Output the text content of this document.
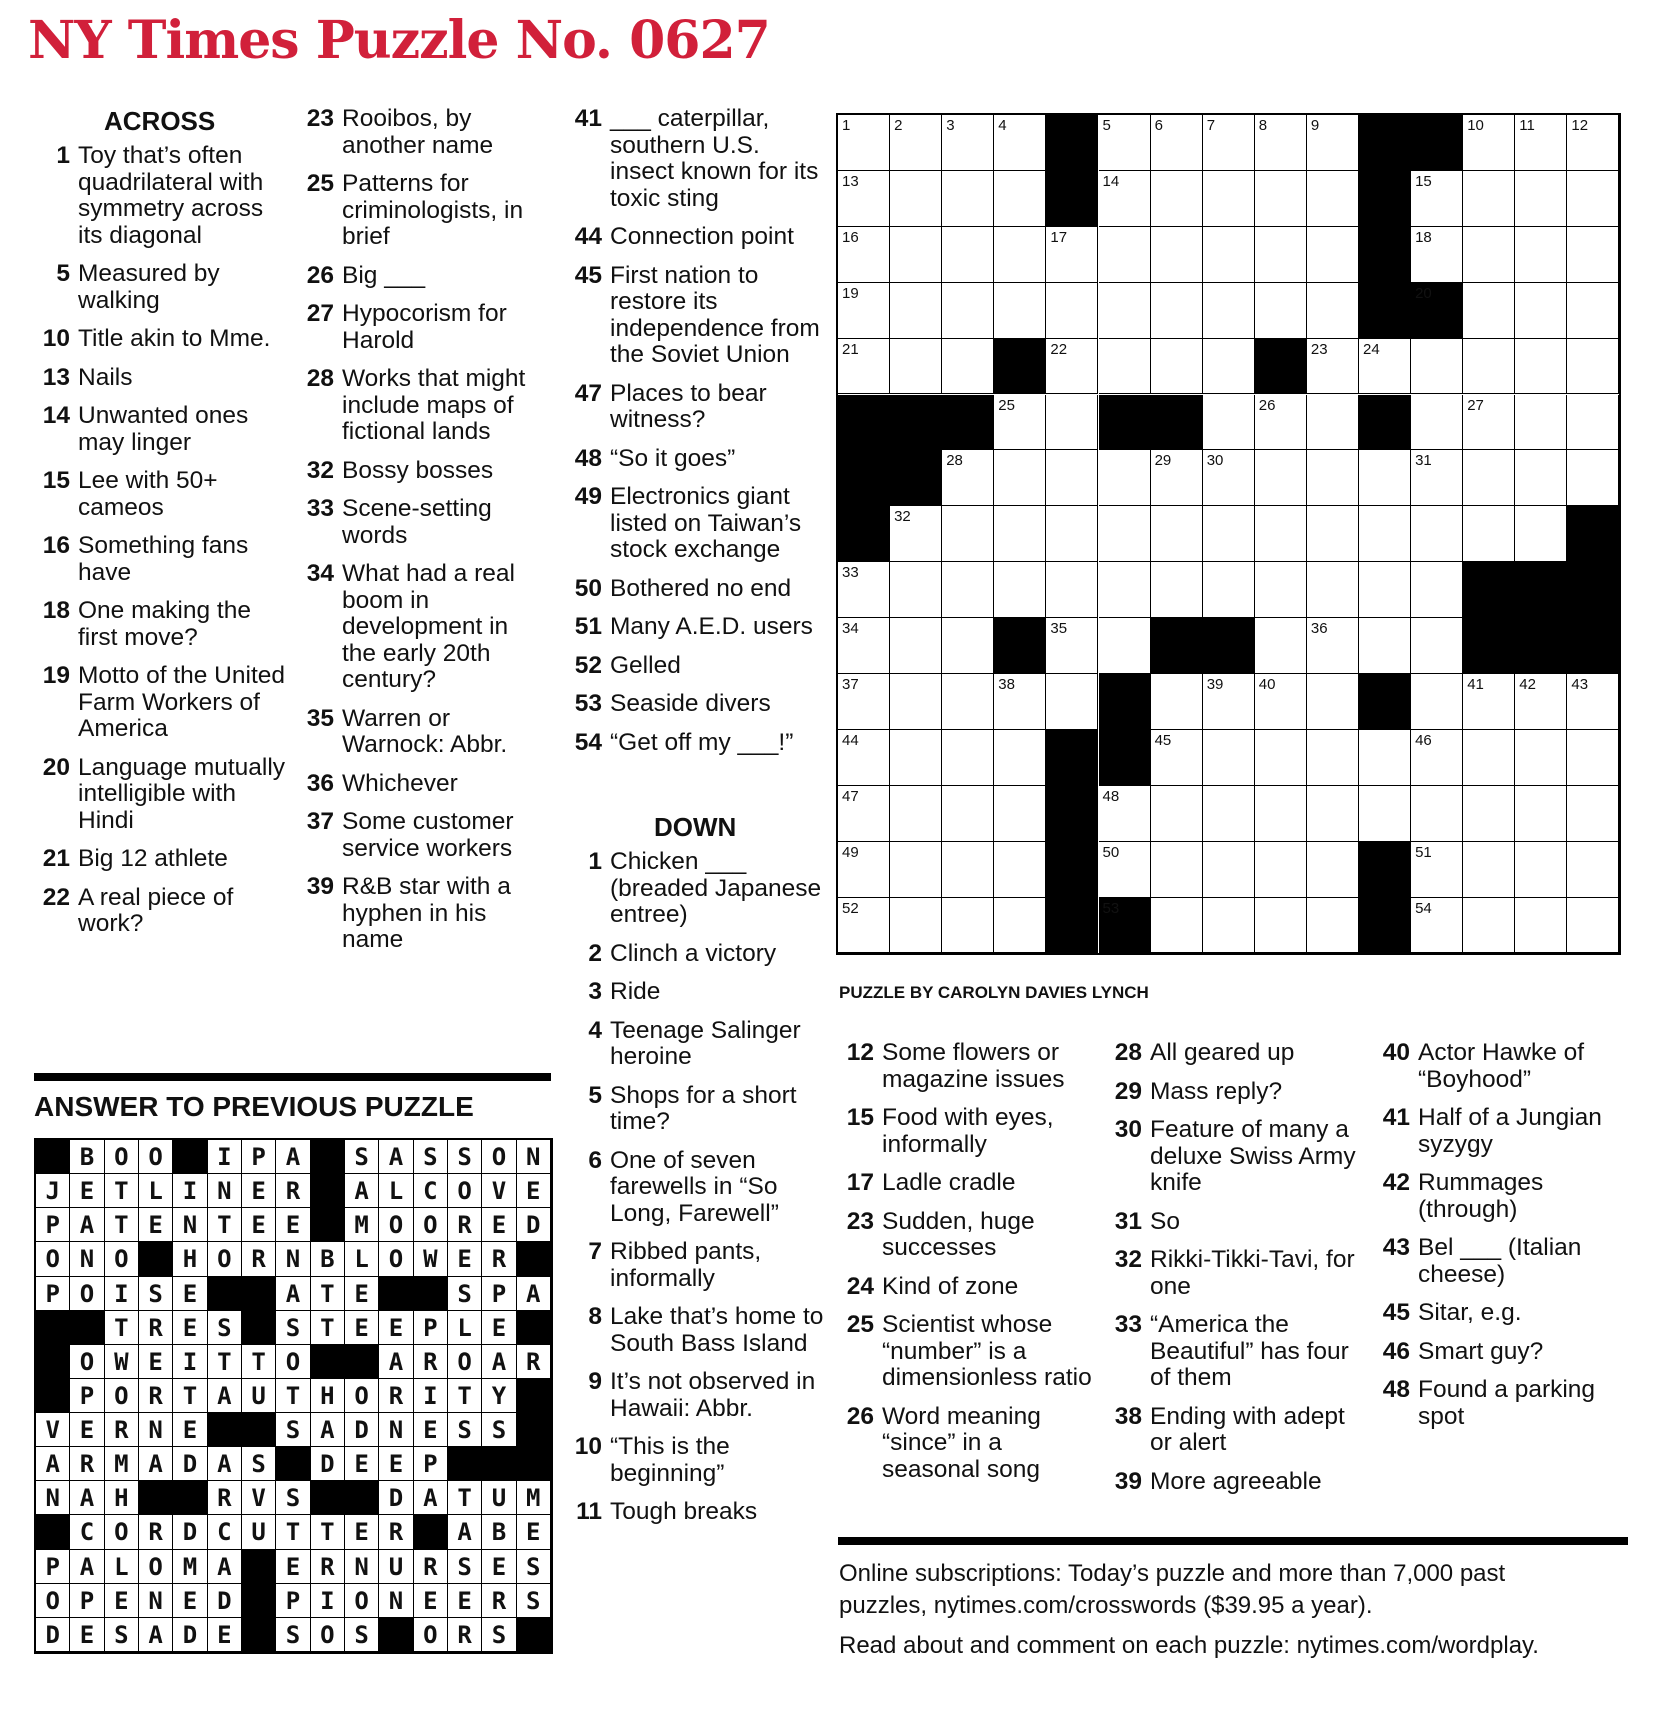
NY Times Puzzle No. 0627
ACROSS
1 Toy that’s often quadrilateral with symmetry across its diagonal
5 Measured by walking
10 Title akin to Mme.
13 Nails
14 Unwanted ones may linger
15 Lee with 50+ cameos
16 Something fans have
18 One making the first move?
19 Motto of the United Farm Workers of America
20 Language mutually intelligible with Hindi
21 Big 12 athlete
22 A real piece of work?
23 Rooibos, by another name
25 Patterns for criminologists, in brief
26 Big ___
27 Hypocorism for Harold
28 Works that might include maps of fictional lands
32 Bossy bosses
33 Scene-setting words
34 What had a real boom in development in the early 20th century?
35 Warren or Warnock: Abbr.
36 Whichever
37 Some customer service workers
39 R&B star with a hyphen in his name
41 ___ caterpillar, southern U.S. insect known for its toxic sting
44 Connection point
45 First nation to restore its independence from the Soviet Union
47 Places to bear witness?
48 “So it goes”
49 Electronics giant listed on Taiwan’s stock exchange
50 Bothered no end
51 Many A.E.D. users
52 Gelled
53 Seaside divers
54 “Get off my ___!”
DOWN
1 Chicken ___ (breaded Japanese entree)
2 Clinch a victory
3 Ride
4 Teenage Salinger heroine
5 Shops for a short time?
6 One of seven farewells in “So Long, Farewell”
7 Ribbed pants, informally
8 Lake that’s home to South Bass Island
9 It’s not observed in Hawaii: Abbr.
10 “This is the beginning”
11 Tough breaks
1	2	3	4	5	6	7	8	9	10 11 12
13	14	15
16	17	18
19	20
21	22	23 24
25	26	27
28	29 30	31
32
33
34	35	36
37	38	39 40	41 42 43
44	45	46
47	48
49	50	51
52	53	54
PUZZLE BY CAROLYN DAVIES LYNCH
12 Some flowers or magazine issues
15 Food with eyes, informally
17 Ladle cradle
23 Sudden, huge successes
24 Kind of zone
25 Scientist whose “number” is a dimensionless ratio
26 Word meaning “since” in a seasonal song
28 All geared up
29 Mass reply?
30 Feature of many a deluxe Swiss Army knife
31 So
32 Rikki-Tikki-Tavi, for one
33 “America the Beautiful” has four of them
38 Ending with adept or alert
39 More agreeable
40 Actor Hawke of “Boyhood”
41 Half of a Jungian syzygy
42 Rummages (through)
43 Bel ___ (Italian cheese)
45 Sitar, e.g.
46 Smart guy?
48 Found a parking spot
ANSWER TO PREVIOUS PUZZLE
B O O	I P A	S A S S O N
J E T L I N E R	A L C O V E
P A T E N T E E	M O O R E D
O N O	H O R N B L O W E R
P O I S E	A T E	S P A
T R E S	S T E E P L E
O W E I T T O	A R O A R
P O R T A U T H O R I T Y
V E R N E	S A D N E S S
A R M A D A S	D E E P
N A H	R V S	D A T U M
C O R D C U T T E R	A B E
P A L O M A	E R N U R S E S
O P E N E D	P I O N E E R S
D E S A D E	S O S	O R S
Online subscriptions: Today’s puzzle and more than 7,000 past
puzzles, nytimes.com/crosswords ($39.95 a year).
Read about and comment on each puzzle: nytimes.com/wordplay.
